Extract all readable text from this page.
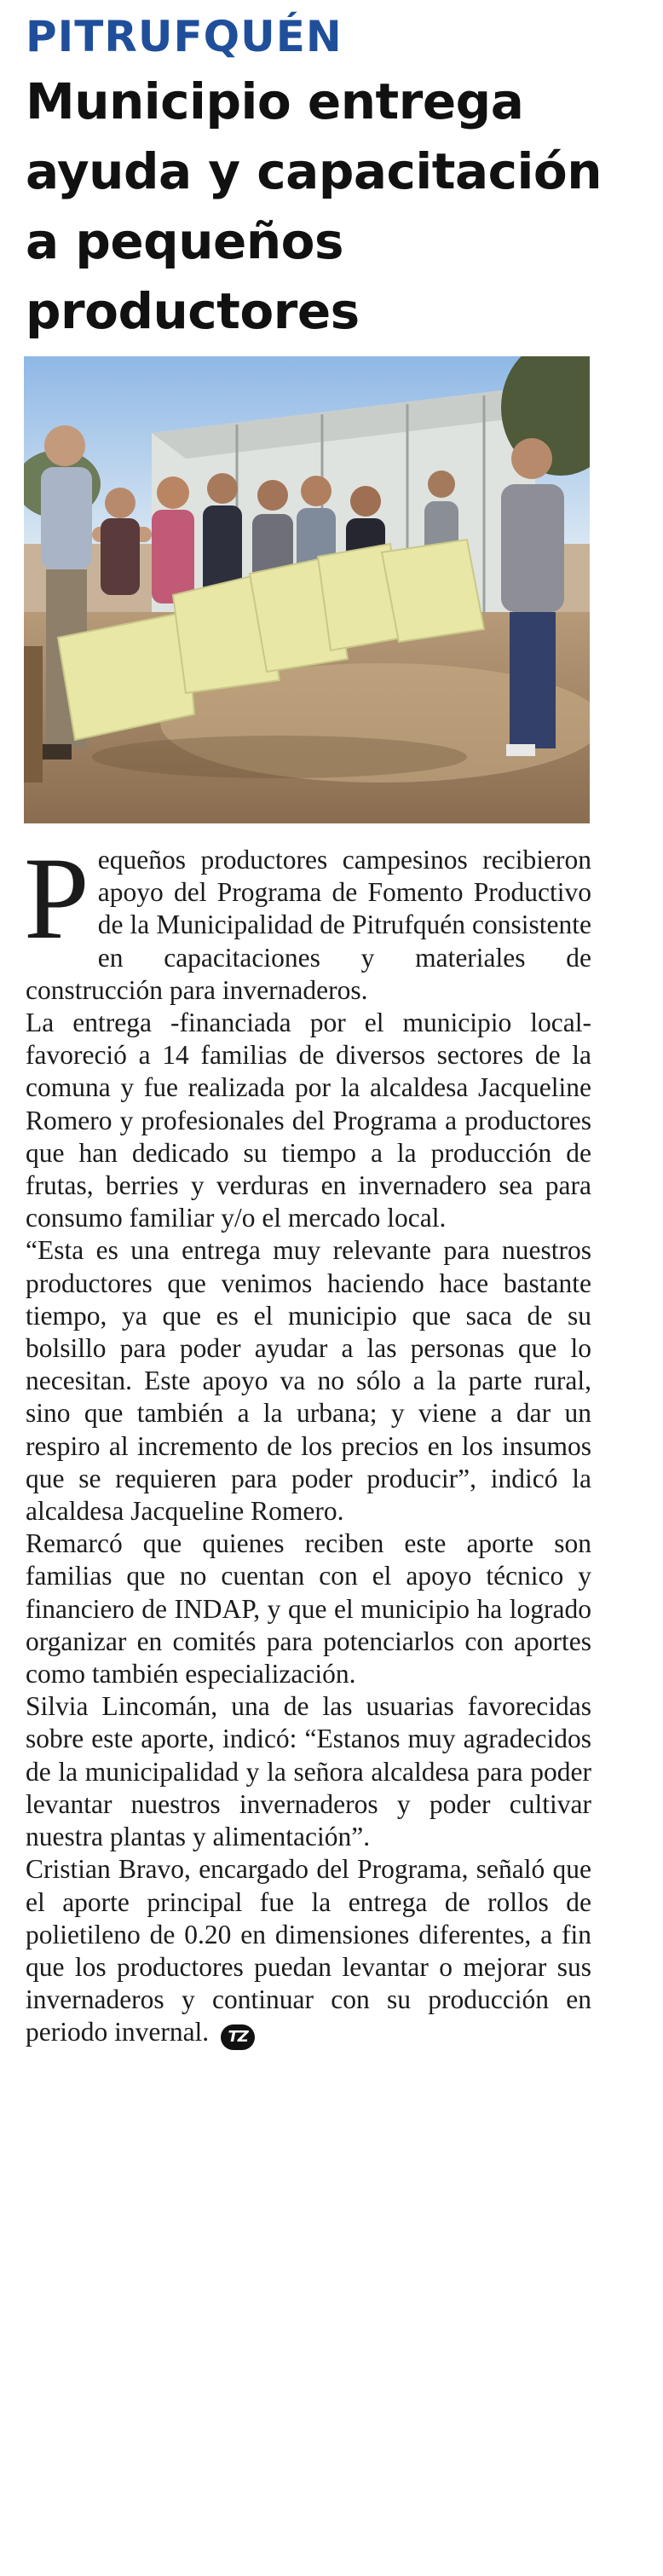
PITRUFQUÉN
Municipio entrega ayuda y capacitación a pequeños productores

Pequeños productores campesinos recibieron apoyo del Programa de Fomento Productivo de la Municipalidad de Pitrufquén consistente en capacitaciones y materiales de construcción para invernaderos.

La entrega -financiada por el municipio local- favoreció a 14 familias de diversos sectores de la comuna y fue realizada por la alcaldesa Jacqueline Romero y profesionales del Programa a productores que han dedicado su tiempo a la producción de frutas, berries y verduras en invernadero sea para consumo familiar y/o el mercado local.

“Esta es una entrega muy relevante para nuestros productores que venimos haciendo hace bastante tiempo, ya que es el municipio que saca de su bolsillo para poder ayudar a las personas que lo necesitan. Este apoyo va no sólo a la parte rural, sino que también a la urbana; y viene a dar un respiro al incremento de los precios en los insumos que se requieren para poder producir”, indicó la alcaldesa Jacqueline Romero.

Remarcó que quienes reciben este aporte son familias que no cuentan con el apoyo técnico y financiero de INDAP, y que el municipio ha logrado organizar en comités para potenciarlos con aportes como también especialización.

Silvia Lincomán, una de las usuarias favorecidas sobre este aporte, indicó: “Estanos muy agradecidos de la municipalidad y la señora alcaldesa para poder levantar nuestros invernaderos y poder cultivar nuestra plantas y alimentación”.

Cristian Bravo, encargado del Programa, señaló que el aporte principal fue la entrega de rollos de polietileno de 0.20 en dimensiones diferentes, a fin que los productores puedan levantar o mejorar sus invernaderos y continuar con su producción en periodo invernal. TZ
